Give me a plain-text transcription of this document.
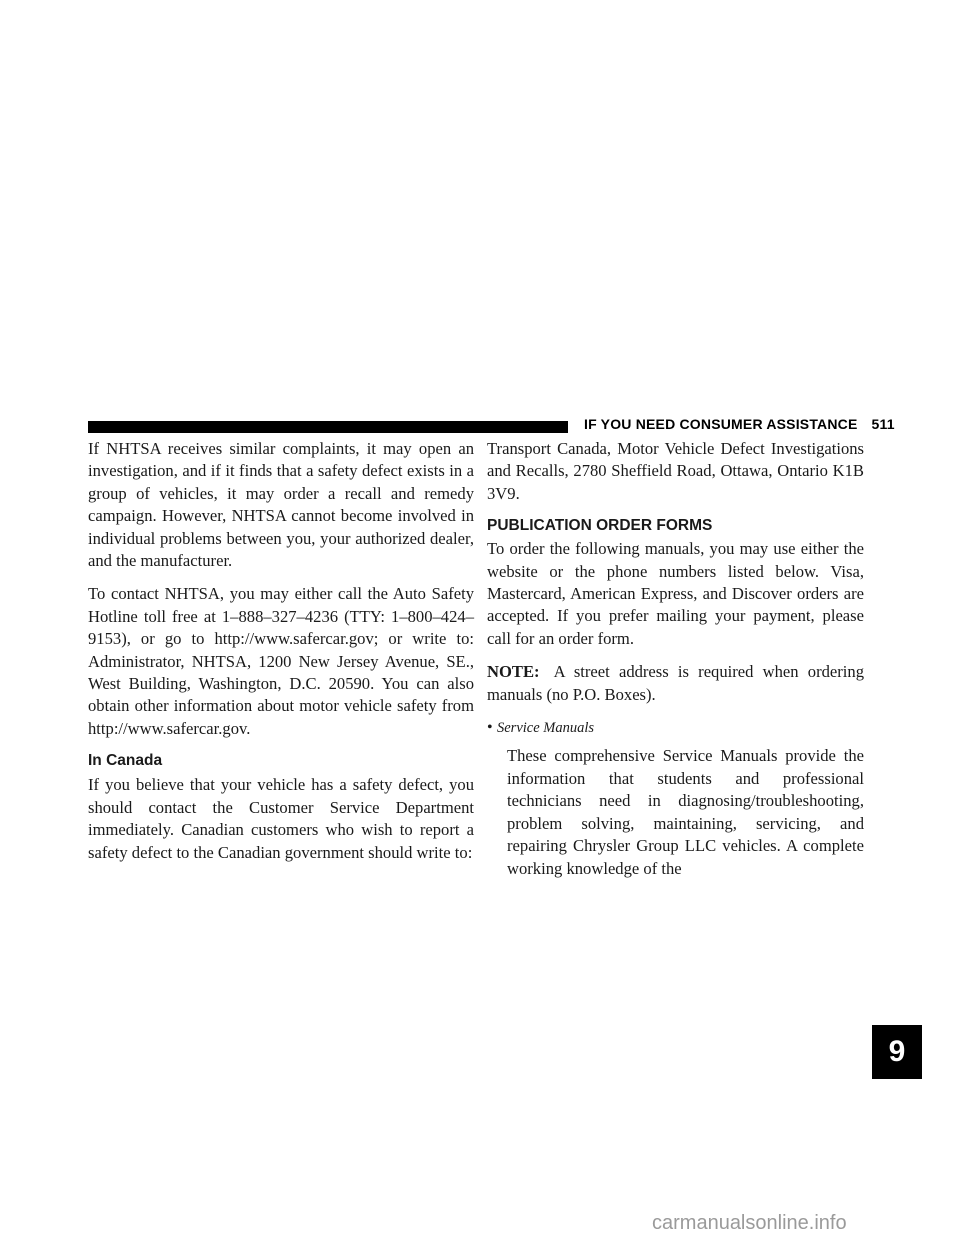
IF YOU NEED CONSUMER ASSISTANCE 511

If NHTSA receives similar complaints, it may open an investigation, and if it finds that a safety defect exists in a group of vehicles, it may order a recall and remedy campaign. However, NHTSA cannot become involved in individual problems between you, your authorized dealer, and the manufacturer.

To contact NHTSA, you may either call the Auto Safety Hotline toll free at 1–888–327–4236 (TTY: 1–800–424–9153), or go to http://www.safercar.gov; or write to: Administrator, NHTSA, 1200 New Jersey Avenue, SE., West Building, Washington, D.C. 20590. You can also obtain other information about motor vehicle safety from http://www.safercar.gov.

In Canada

If you believe that your vehicle has a safety defect, you should contact the Customer Service Department immediately. Canadian customers who wish to report a safety defect to the Canadian government should write to:

Transport Canada, Motor Vehicle Defect Investigations and Recalls, 2780 Sheffield Road, Ottawa, Ontario K1B 3V9.

PUBLICATION ORDER FORMS

To order the following manuals, you may use either the website or the phone numbers listed below. Visa, Mastercard, American Express, and Discover orders are accepted. If you prefer mailing your payment, please call for an order form.

NOTE: A street address is required when ordering manuals (no P.O. Boxes).

• Service Manuals

These comprehensive Service Manuals provide the information that students and professional technicians need in diagnosing/troubleshooting, problem solving, maintaining, servicing, and repairing Chrysler Group LLC vehicles. A complete working knowledge of the

9
carmanualsonline.info
